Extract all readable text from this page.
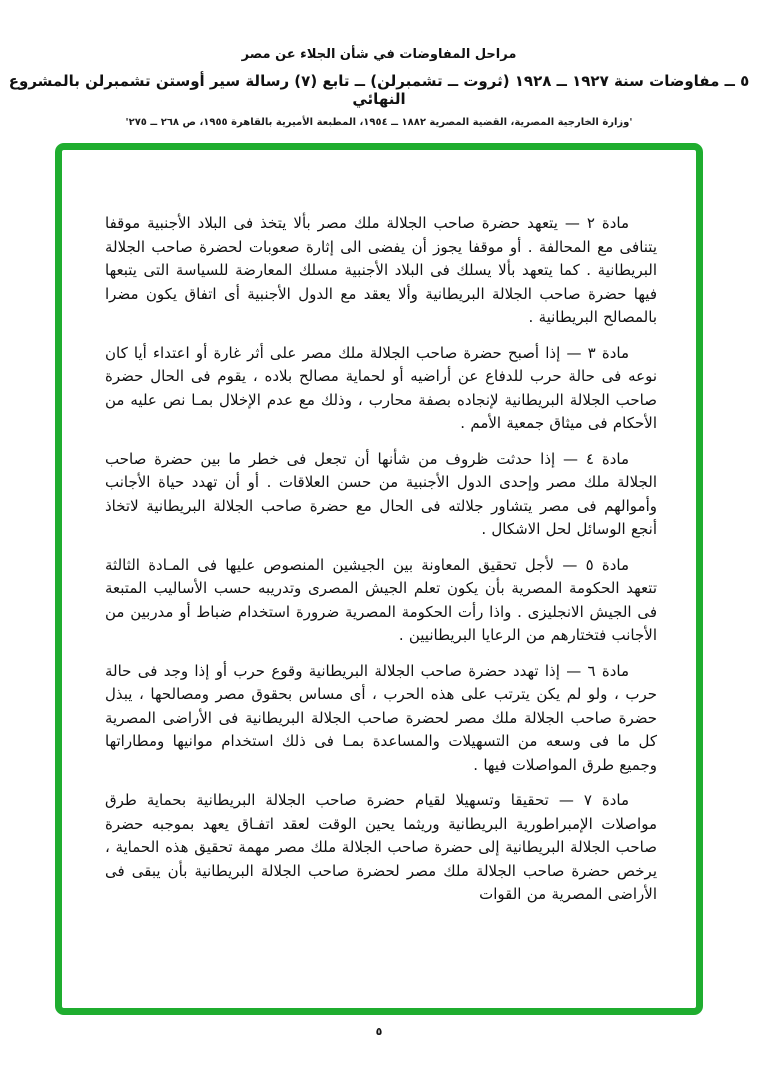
مراحل المفاوضات في شأن الجلاء عن مصر
٥ ــ مفاوضات سنة ١٩٢٧ ــ ١٩٢٨ (ثروت ــ تشمبرلن) ــ تابع (٧) رسالة سير أوستن تشمبرلن بالمشروع النهائي
'وزارة الخارجية المصرية، القضية المصرية ١٨٨٢ ــ ١٩٥٤، المطبعة الأميرية بالقاهرة ١٩٥٥، ص ٢٦٨ ــ ٢٧٥'

مادة ٢ — يتعهد حضرة صاحب الجلالة ملك مصر بألا يتخذ فى البلاد الأجنبية موقفا يتنافى مع المحالفة . أو موقفا يجوز أن يفضى الى إثارة صعوبات لحضرة صاحب الجلالة البريطانية . كما يتعهد بألا يسلك فى البلاد الأجنبية مسلك المعارضة للسياسة التى يتبعها فيها حضرة صاحب الجلالة البريطانية وألا يعقد مع الدول الأجنبية أى اتفاق يكون مضرا بالمصالح البريطانية .

مادة ٣ — إذا أصبح حضرة صاحب الجلالة ملك مصر على أثر غارة أو اعتداء أيا كان نوعه فى حالة حرب للدفاع عن أراضيه أو لحماية مصالح بلاده ، يقوم فى الحال حضرة صاحب الجلالة البريطانية لإنجاده بصفة محارب ، وذلك مع عدم الإخلال بمـا نص عليه من الأحكام فى ميثاق جمعية الأمم .

مادة ٤ — إذا حدثت ظروف من شأنها أن تجعل فى خطر ما بين حضرة صاحب الجلالة ملك مصر وإحدى الدول الأجنبية من حسن العلاقات . أو أن تهدد حياة الأجانب وأموالهم فى مصر يتشاور جلالته فى الحال مع حضرة صاحب الجلالة البريطانية لاتخاذ أنجع الوسائل لحل الاشكال .

مادة ٥ — لأجل تحقيق المعاونة بين الجيشين المنصوص عليها فى المـادة الثالثة تتعهد الحكومة المصرية بأن يكون تعلم الجيش المصرى وتدريبه حسب الأساليب المتبعة فى الجيش الانجليزى . واذا رأت الحكومة المصرية ضرورة استخدام ضباط أو مدربين من الأجانب فتختارهم من الرعايا البريطانيين .

مادة ٦ — إذا تهدد حضرة صاحب الجلالة البريطانية وقوع حرب أو إذا وجد فى حالة حرب ، ولو لم يكن يترتب على هذه الحرب ، أى مساس بحقوق مصر ومصالحها ، يبذل حضرة صاحب الجلالة ملك مصر لحضرة صاحب الجلالة البريطانية فى الأراضى المصرية كل ما فى وسعه من التسهيلات والمساعدة بمـا فى ذلك استخدام موانيها ومطاراتها وجميع طرق المواصلات فيها .

مادة ٧ — تحقيقا وتسهيلا لقيام حضرة صاحب الجلالة البريطانية بحماية طرق مواصلات الإمبراطورية البريطانية وريثما يحين الوقت لعقد اتفـاق يعهد بموجبه حضرة صاحب الجلالة البريطانية إلى حضرة صاحب الجلالة ملك مصر مهمة تحقيق هذه الحماية ، يرخص حضرة صاحب الجلالة ملك مصر لحضرة صاحب الجلالة البريطانية بأن يبقى فى الأراضى المصرية من القوات

٥
